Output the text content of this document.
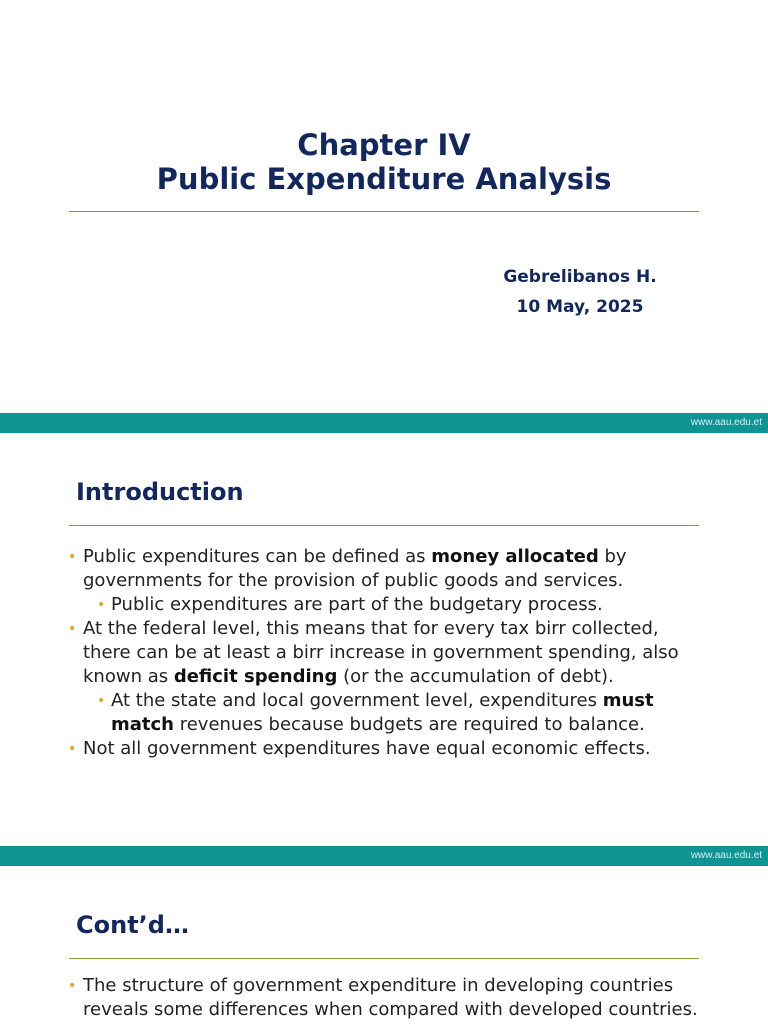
Chapter IV
Public Expenditure Analysis
Gebrelibanos H.
10 May, 2025
www.aau.edu.et
Introduction
• Public expenditures can be defined as money allocated by governments for the provision of public goods and services.
• Public expenditures are part of the budgetary process.
• At the federal level, this means that for every tax birr collected, there can be at least a birr increase in government spending, also known as deficit spending (or the accumulation of debt).
• At the state and local government level, expenditures must match revenues because budgets are required to balance.
• Not all government expenditures have equal economic effects.
www.aau.edu.et
Cont’d…
• The structure of government expenditure in developing countries reveals some differences when compared with developed countries.
